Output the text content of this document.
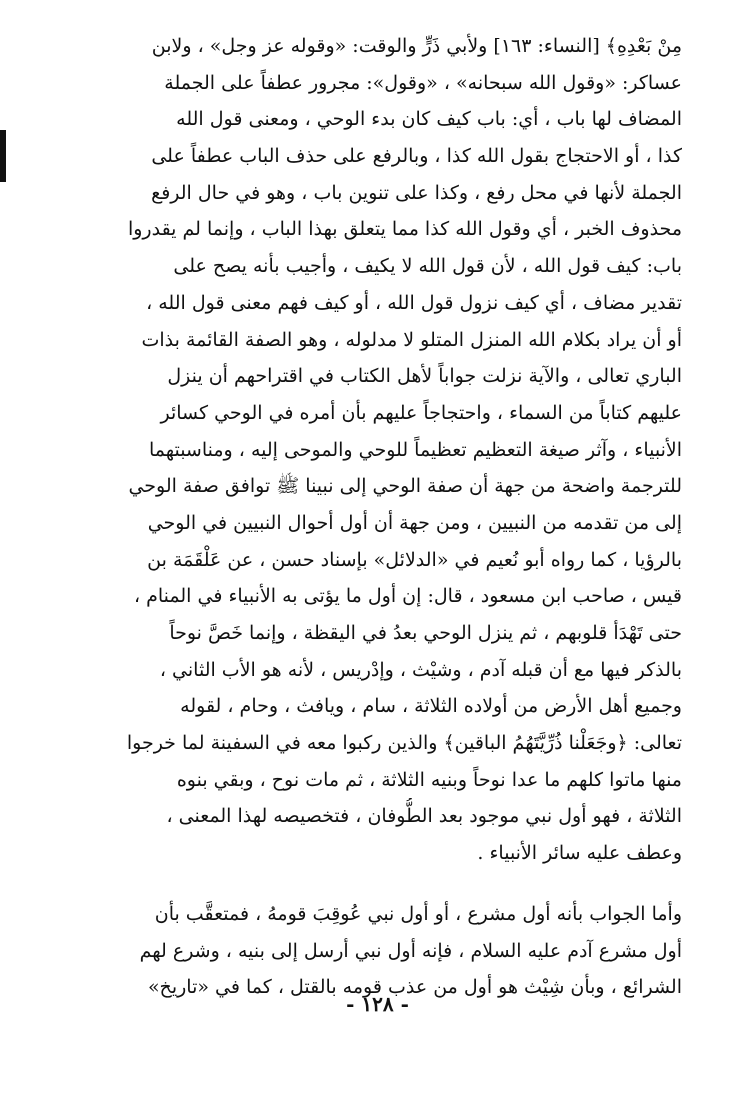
مِنْ بَعْدِهِ﴾ [النساء: ١٦٣] ولأبي ذَرٍّ والوقت: «وقوله عز وجل» ، ولابن
عساكر: «وقول الله سبحانه» ، «وقول»: مجرور عطفاً على الجملة
المضاف لها باب ، أي: باب كيف كان بدء الوحي ، ومعنى قول الله
كذا ، أو الاحتجاج بقول الله كذا ، وبالرفع على حذف الباب عطفاً على
الجملة لأنها في محل رفع ، وكذا على تنوين باب ، وهو في حال الرفع
محذوف الخبر ، أي وقول الله كذا مما يتعلق بهذا الباب ، وإنما لم يقدروا
باب: كيف قول الله ، لأن قول الله لا يكيف ، وأجيب بأنه يصح على
تقدير مضاف ، أي كيف نزول قول الله ، أو كيف فهم معنى قول الله ،
أو أن يراد بكلام الله المنزل المتلو لا مدلوله ، وهو الصفة القائمة بذات
الباري تعالى ، والآية نزلت جواباً لأهل الكتاب في اقتراحهم أن ينزل
عليهم كتاباً من السماء ، واحتجاجاً عليهم بأن أمره في الوحي كسائر
الأنبياء ، وآثر صيغة التعظيم تعظيماً للوحي والموحى إليه ، ومناسبتهما
للترجمة واضحة من جهة أن صفة الوحي إلى نبينا ﷺ توافق صفة الوحي
إلى من تقدمه من النبيين ، ومن جهة أن أول أحوال النبيين في الوحي
بالرؤيا ، كما رواه أبو نُعيم في «الدلائل» بإسناد حسن ، عن عَلْقَمَة بن
قيس ، صاحب ابن مسعود ، قال: إن أول ما يؤتى به الأنبياء في المنام ،
حتى تَهْدَأ قلوبهم ، ثم ينزل الوحي بعدُ في اليقظة ، وإنما خَصَّ نوحاً
بالذكر فيها مع أن قبله آدم ، وشيْث ، وإدْريس ، لأنه هو الأب الثاني ،
وجميع أهل الأرض من أولاده الثلاثة ، سام ، ويافث ، وحام ، لقوله
تعالى: ﴿وجَعَلْنا ذُرِّيَّتَهُمُ الباقين﴾ والذين ركبوا معه في السفينة لما خرجوا
منها ماتوا كلهم ما عدا نوحاً وبنيه الثلاثة ، ثم مات نوح ، وبقي بنوه
الثلاثة ، فهو أول نبي موجود بعد الطُّوفان ، فتخصيصه لهذا المعنى ،
وعطف عليه سائر الأنبياء .
وأما الجواب بأنه أول مشرع ، أو أول نبي عُوقِبَ قومهُ ، فمتعقَّب بأن
أول مشرع آدم عليه السلام ، فإنه أول نبي أرسل إلى بنيه ، وشرع لهم
الشرائع ، وبأن شِيْث هو أول من عذب قومه بالقتل ، كما في «تاريخ»
- ١٢٨ -
